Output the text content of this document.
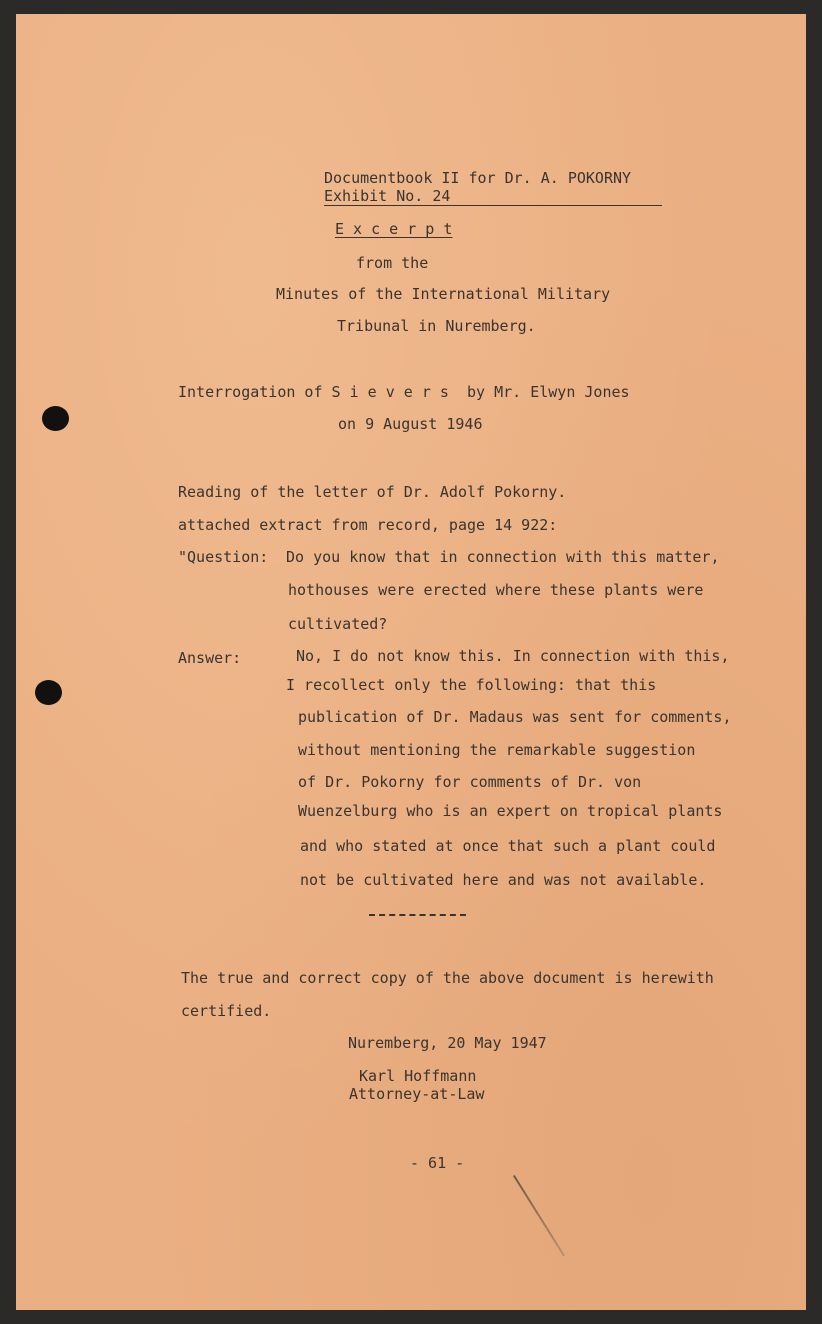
Documentbook II for Dr. A. POKORNY
Exhibit No. 24
E x c e r p t
from the
Minutes of the International Military
Tribunal in Nuremberg.
Interrogation of S i e v e r s  by Mr. Elwyn Jones
on 9 August 1946
Reading of the letter of Dr. Adolf Pokorny.
attached extract from record, page 14 922:
"Question: Do you know that in connection with this matter,
hothouses were erected where these plants were
cultivated?
Answer:	No, I do not know this. In connection with this,
I recollect only the following: that this
publication of Dr. Madaus was sent for comments,
without mentioning the remarkable suggestion
of Dr. Pokorny for comments of Dr. von
Wuenzelburg who is an expert on tropical plants
and who stated at once that such a plant could
not be cultivated here and was not available.
The true and correct copy of the above document is herewith
certified.
Nuremberg, 20 May 1947
Karl Hoffmann
Attorney-at-Law
- 61 -
